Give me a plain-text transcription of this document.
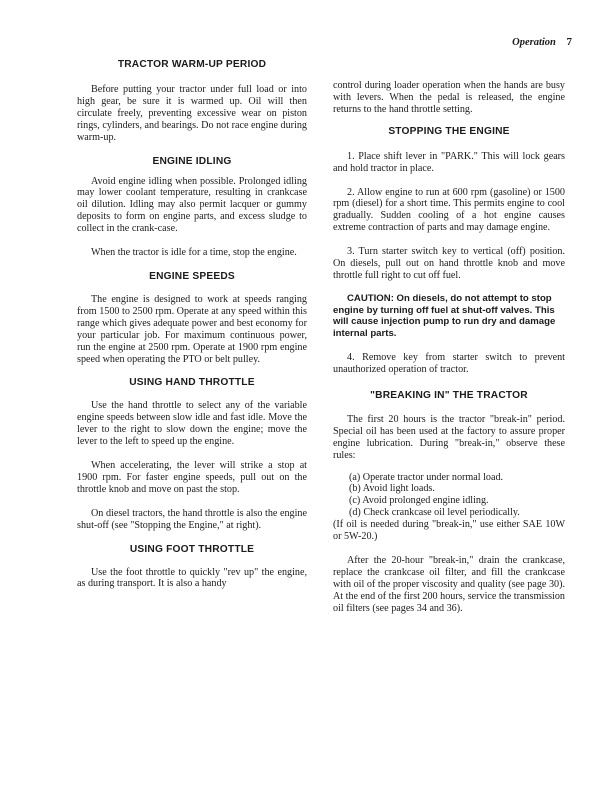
Operation 7
TRACTOR WARM-UP PERIOD

Before putting your tractor under full load or into high gear, be sure it is warmed up. Oil will then circulate freely, preventing excessive wear on piston rings, cylinders, and bearings. Do not race engine during warm-up.

ENGINE IDLING

Avoid engine idling when possible. Prolonged idling may lower coolant temperature, resulting in crankcase oil dilution. Idling may also permit lacquer or gummy deposits to form on engine parts, and excess sludge to collect in the crank-case.

When the tractor is idle for a time, stop the engine.

ENGINE SPEEDS

The engine is designed to work at speeds ranging from 1500 to 2500 rpm. Operate at any speed within this range which gives adequate power and best economy for your particular job. For maximum continuous power, run the engine at 2500 rpm. Operate at 1900 rpm engine speed when operating the PTO or belt pulley.

USING HAND THROTTLE

Use the hand throttle to select any of the variable engine speeds between slow idle and fast idle. Move the lever to the right to slow down the engine; move the lever to the left to speed up the engine.

When accelerating, the lever will strike a stop at 1900 rpm. For faster engine speeds, pull out on the throttle knob and move on past the stop.

On diesel tractors, the hand throttle is also the engine shut-off (see "Stopping the Engine," at right).

USING FOOT THROTTLE

Use the foot throttle to quickly "rev up" the engine, as during transport. It is also a handy

control during loader operation when the hands are busy with levers. When the pedal is released, the engine returns to the hand throttle setting.

STOPPING THE ENGINE

1. Place shift lever in "PARK." This will lock gears and hold tractor in place.

2. Allow engine to run at 600 rpm (gasoline) or 1500 rpm (diesel) for a short time. This permits engine to cool gradually. Sudden cooling of a hot engine causes extreme contraction of parts and may damage engine.

3. Turn starter switch key to vertical (off) position. On diesels, pull out on hand throttle knob and move throttle full right to cut off fuel.

CAUTION: On diesels, do not attempt to stop engine by turning off fuel at shut-off valves. This will cause injection pump to run dry and damage internal parts.

4. Remove key from starter switch to prevent unauthorized operation of tractor.

"BREAKING IN" THE TRACTOR

The first 20 hours is the tractor "break-in" period. Special oil has been used at the factory to assure proper engine lubrication. During "break-in," observe these rules:

(a) Operate tractor under normal load.
(b) Avoid light loads.
(c) Avoid prolonged engine idling.
(d) Check crankcase oil level periodically.

(If oil is needed during "break-in," use either SAE 10W or 5W-20.)

After the 20-hour "break-in," drain the crankcase, replace the crankcase oil filter, and fill the crankcase with oil of the proper viscosity and quality (see page 30). At the end of the first 200 hours, service the transmission oil filters (see pages 34 and 36).
